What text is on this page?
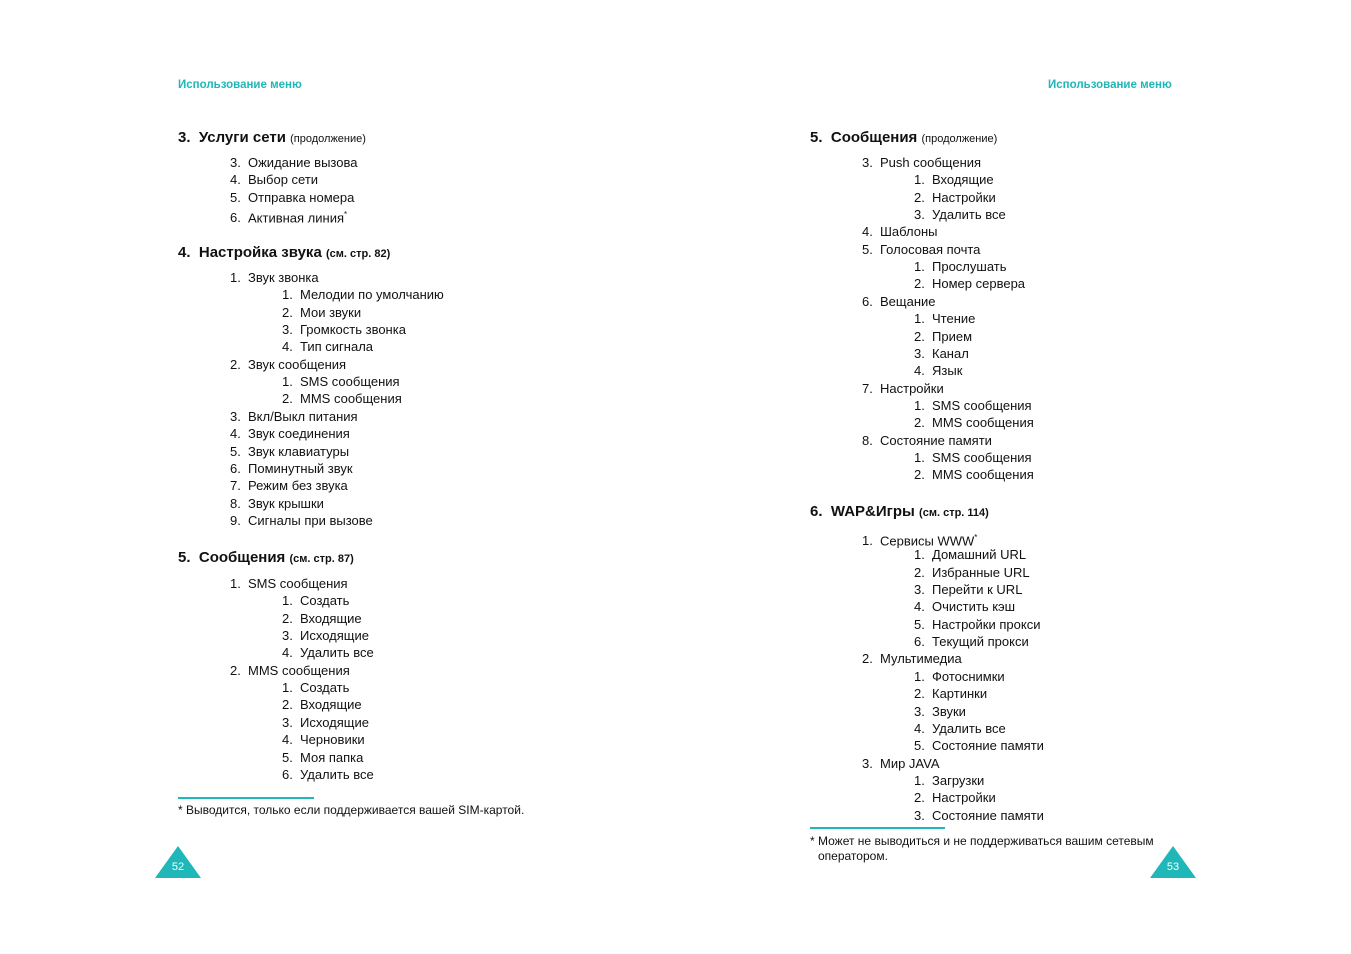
Использование меню
3. Услуги сети (продолжение)
3. Ожидание вызова
4. Выбор сети
5. Отправка номера
6. Активная линия*
4. Настройка звука (см. стр. 82)
1. Звук звонка
1. Мелодии по умолчанию
2. Мои звуки
3. Громкость звонка
4. Тип сигнала
2. Звук сообщения
1. SMS сообщения
2. MMS сообщения
3. Вкл/Выкл питания
4. Звук соединения
5. Звук клавиатуры
6. Поминутный звук
7. Режим без звука
8. Звук крышки
9. Сигналы при вызове
5. Сообщения (см. стр. 87)
1. SMS сообщения
1. Создать
2. Входящие
3. Исходящие
4. Удалить все
2. MMS сообщения
1. Создать
2. Входящие
3. Исходящие
4. Черновики
5. Моя папка
6. Удалить все
* Выводится, только если поддерживается вашей SIM-картой.
52
Использование меню
5. Сообщения (продолжение)
3. Push сообщения
1. Входящие
2. Настройки
3. Удалить все
4. Шаблоны
5. Голосовая почта
1. Прослушать
2. Номер сервера
6. Вещание
1. Чтение
2. Прием
3. Канал
4. Язык
7. Настройки
1. SMS сообщения
2. MMS сообщения
8. Состояние памяти
1. SMS сообщения
2. MMS сообщения
6. WAP&Игры (см. стр. 114)
1. Сервисы WWW*
1. Домашний URL
2. Избранные URL
3. Перейти к URL
4. Очистить кэш
5. Настройки прокси
6. Текущий прокси
2. Мультимедиа
1. Фотоснимки
2. Картинки
3. Звуки
4. Удалить все
5. Состояние памяти
3. Мир JAVA
1. Загрузки
2. Настройки
3. Состояние памяти
* Может не выводиться и не поддерживаться вашим сетевым
оператором.
53
